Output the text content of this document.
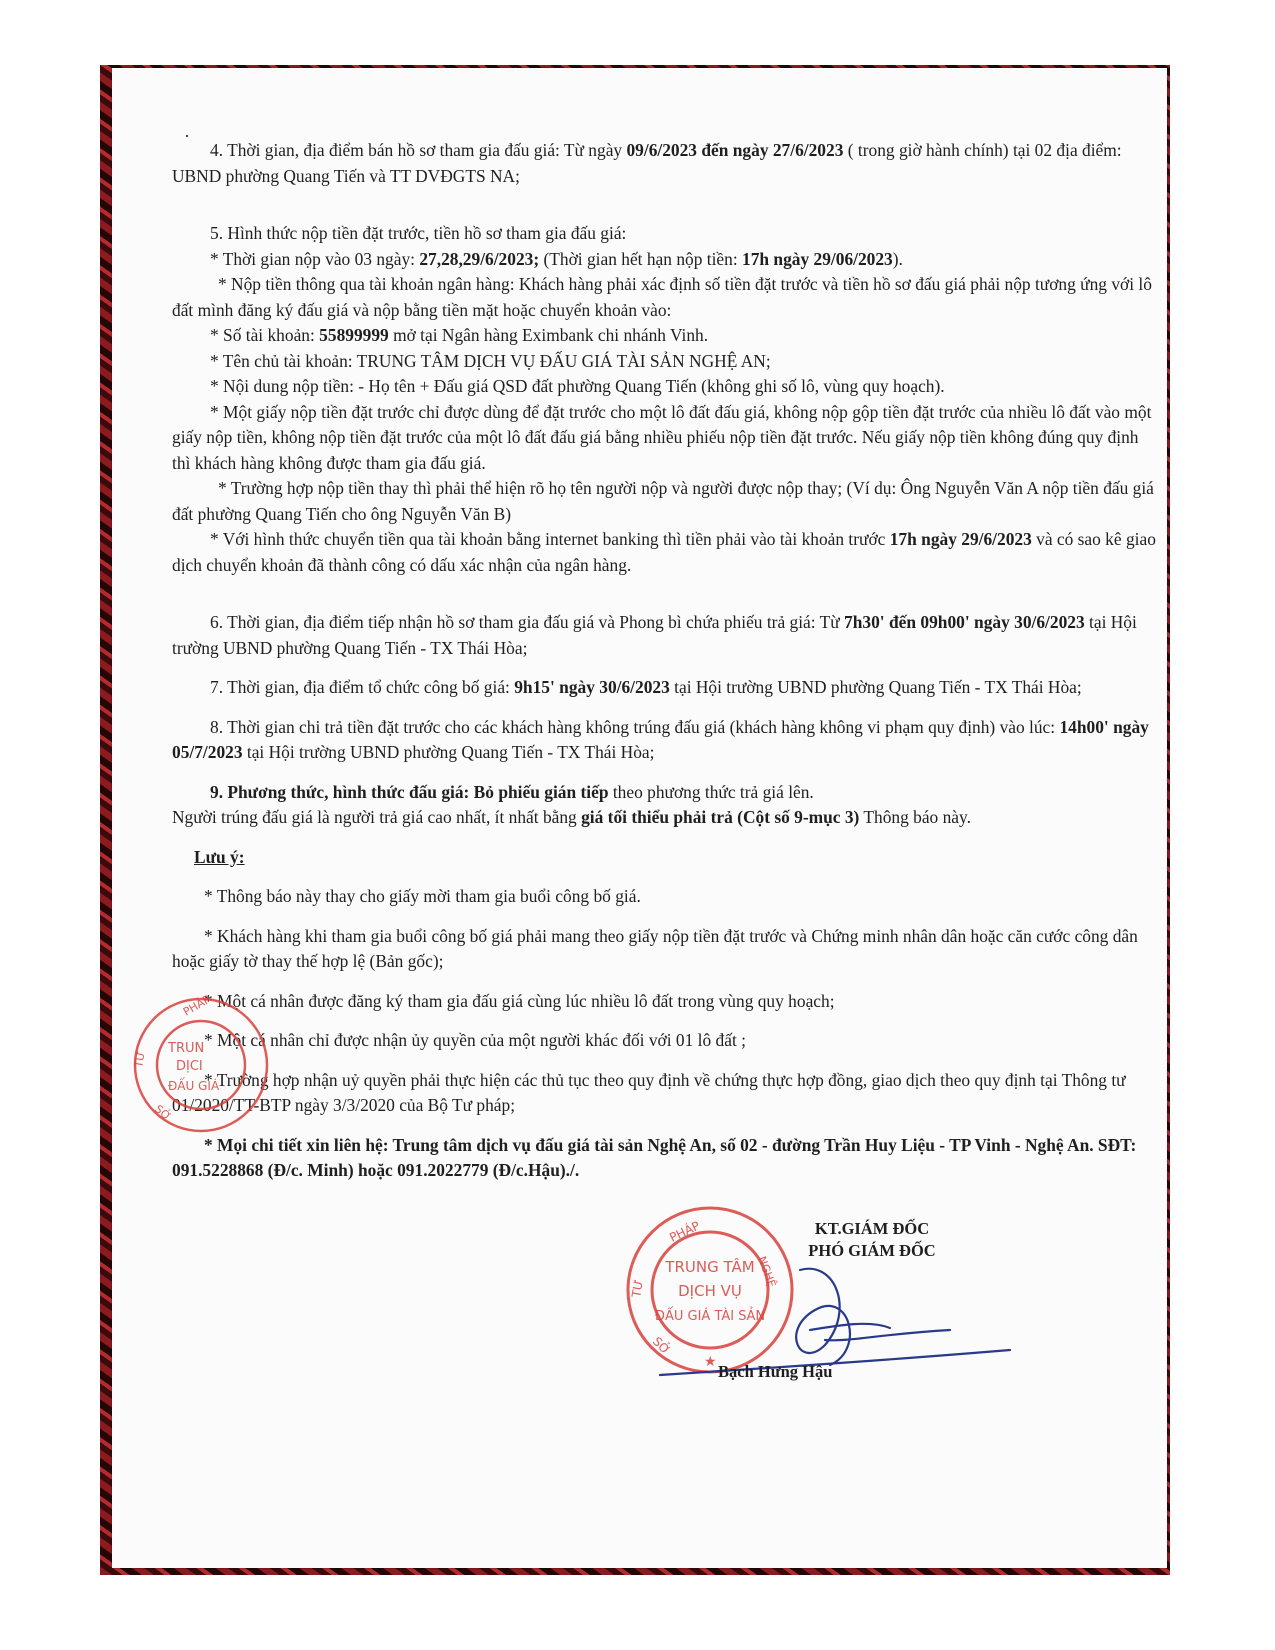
·

4. Thời gian, địa điểm bán hồ sơ tham gia đấu giá: Từ ngày 09/6/2023 đến ngày 27/6/2023 ( trong giờ hành chính) tại 02 địa điểm: UBND phường Quang Tiến và TT DVĐGTS NA;

5. Hình thức nộp tiền đặt trước, tiền hồ sơ tham gia đấu giá:

* Thời gian nộp vào 03 ngày: 27,28,29/6/2023; (Thời gian hết hạn nộp tiền: 17h ngày 29/06/2023).

* Nộp tiền thông qua tài khoản ngân hàng: Khách hàng phải xác định số tiền đặt trước và tiền hồ sơ đấu giá phải nộp tương ứng với lô đất mình đăng ký đấu giá và nộp bằng tiền mặt hoặc chuyển khoản vào:

* Số tài khoản: 55899999 mở tại Ngân hàng Eximbank chi nhánh Vinh.

* Tên chủ tài khoản: TRUNG TÂM DỊCH VỤ ĐẤU GIÁ TÀI SẢN NGHỆ AN;

* Nội dung nộp tiền: - Họ tên + Đấu giá QSD đất phường Quang Tiến (không ghi số lô, vùng quy hoạch).

* Một giấy nộp tiền đặt trước chỉ được dùng để đặt trước cho một lô đất đấu giá, không nộp gộp tiền đặt trước của nhiều lô đất vào một giấy nộp tiền, không nộp tiền đặt trước của một lô đất đấu giá bằng nhiều phiếu nộp tiền đặt trước. Nếu giấy nộp tiền không đúng quy định thì khách hàng không được tham gia đấu giá.

* Trường hợp nộp tiền thay thì phải thể hiện rõ họ tên người nộp và người được nộp thay; (Ví dụ: Ông Nguyễn Văn A nộp tiền đấu giá đất phường Quang Tiến cho ông Nguyễn Văn B)

* Với hình thức chuyển tiền qua tài khoản bằng internet banking thì tiền phải vào tài khoản trước 17h ngày 29/6/2023 và có sao kê giao dịch chuyển khoản đã thành công có dấu xác nhận của ngân hàng.

6. Thời gian, địa điểm tiếp nhận hồ sơ tham gia đấu giá và Phong bì chứa phiếu trả giá: Từ 7h30' đến 09h00' ngày 30/6/2023 tại Hội trường UBND phường Quang Tiến - TX Thái Hòa;

7. Thời gian, địa điểm tổ chức công bố giá: 9h15' ngày 30/6/2023 tại Hội trường UBND phường Quang Tiến - TX Thái Hòa;

8. Thời gian chi trả tiền đặt trước cho các khách hàng không trúng đấu giá (khách hàng không vi phạm quy định) vào lúc: 14h00' ngày 05/7/2023 tại Hội trường UBND phường Quang Tiến - TX Thái Hòa;

9. Phương thức, hình thức đấu giá: Bỏ phiếu gián tiếp theo phương thức trả giá lên.

Người trúng đấu giá là người trả giá cao nhất, ít nhất bằng giá tối thiểu phải trả (Cột số 9-mục 3) Thông báo này.

Lưu ý:

* Thông báo này thay cho giấy mời tham gia buổi công bố giá.

* Khách hàng khi tham gia buổi công bố giá phải mang theo giấy nộp tiền đặt trước và Chứng minh nhân dân hoặc căn cước công dân hoặc giấy tờ thay thế hợp lệ (Bản gốc);

* Một cá nhân được đăng ký tham gia đấu giá cùng lúc nhiều lô đất trong vùng quy hoạch;

* Một cá nhân chỉ được nhận ủy quyền của một người khác đối với 01 lô đất ;

* Trường hợp nhận uỷ quyền phải thực hiện các thủ tục theo quy định về chứng thực hợp đồng, giao dịch theo quy định tại Thông tư 01/2020/TT-BTP ngày 3/3/2020 của Bộ Tư pháp;

* Mọi chi tiết xin liên hệ: Trung tâm dịch vụ đấu giá tài sản Nghệ An, số 02 - đường Trần Huy Liệu - TP Vinh - Nghệ An. SĐT: 091.5228868 (Đ/c. Minh) hoặc 091.2022779 (Đ/c.Hậu)./.

PHÁP
TRUN
DỊCI
ĐẤU GIÁ
TƯ
SỞ
KT.GIÁM ĐỐC
PHÓ GIÁM ĐỐC
PHÁP
NGHỆ
TRUNG TÂM
DỊCH VỤ
ĐẤU GIÁ TÀI SẢN
TƯ
SỞ
★ Bạch Hưng Hậu
